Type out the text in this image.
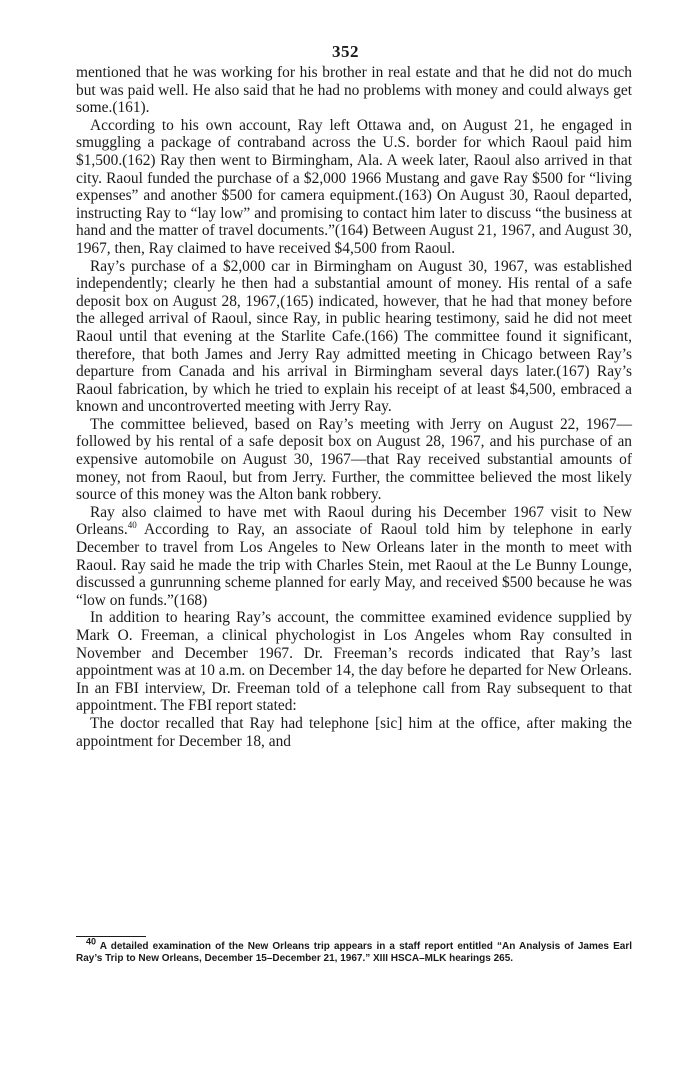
352

mentioned that he was working for his brother in real estate and that he did not do much but was paid well. He also said that he had no problems with money and could always get some.(161).

According to his own account, Ray left Ottawa and, on August 21, he engaged in smuggling a package of contraband across the U.S. border for which Raoul paid him $1,500.(162) Ray then went to Birmingham, Ala. A week later, Raoul also arrived in that city. Raoul funded the purchase of a $2,000 1966 Mustang and gave Ray $500 for “living expenses” and another $500 for camera equipment.(163) On August 30, Raoul departed, instructing Ray to “lay low” and promising to contact him later to discuss “the business at hand and the matter of travel documents.”(164) Between August 21, 1967, and August 30, 1967, then, Ray claimed to have received $4,500 from Raoul.

Ray’s purchase of a $2,000 car in Birmingham on August 30, 1967, was established independently; clearly he then had a substantial amount of money. His rental of a safe deposit box on August 28, 1967,(165) indicated, however, that he had that money before the alleged arrival of Raoul, since Ray, in public hearing testimony, said he did not meet Raoul until that evening at the Starlite Cafe.(166) The committee found it significant, therefore, that both James and Jerry Ray admitted meeting in Chicago between Ray’s departure from Canada and his arrival in Birmingham several days later.(167) Ray’s Raoul fabrication, by which he tried to explain his receipt of at least $4,500, embraced a known and uncontroverted meeting with Jerry Ray.

The committee believed, based on Ray’s meeting with Jerry on August 22, 1967—followed by his rental of a safe deposit box on August 28, 1967, and his purchase of an expensive automobile on August 30, 1967—that Ray received substantial amounts of money, not from Raoul, but from Jerry. Further, the committee believed the most likely source of this money was the Alton bank robbery.

Ray also claimed to have met with Raoul during his December 1967 visit to New Orleans.$^{40}$ According to Ray, an associate of Raoul told him by telephone in early December to travel from Los Angeles to New Orleans later in the month to meet with Raoul. Ray said he made the trip with Charles Stein, met Raoul at the Le Bunny Lounge, discussed a gunrunning scheme planned for early May, and received $500 because he was “low on funds.”(168)

In addition to hearing Ray’s account, the committee examined evidence supplied by Mark O. Freeman, a clinical phychologist in Los Angeles whom Ray consulted in November and December 1967. Dr. Freeman’s records indicated that Ray’s last appointment was at 10 a.m. on December 14, the day before he departed for New Orleans. In an FBI interview, Dr. Freeman told of a telephone call from Ray subsequent to that appointment. The FBI report stated:

The doctor recalled that Ray had telephone [sic] him at the office, after making the appointment for December 18, and

40 A detailed examination of the New Orleans trip appears in a staff report entitled “An Analysis of James Earl Ray’s Trip to New Orleans, December 15–December 21, 1967.” XIII HSCA–MLK hearings 265.
